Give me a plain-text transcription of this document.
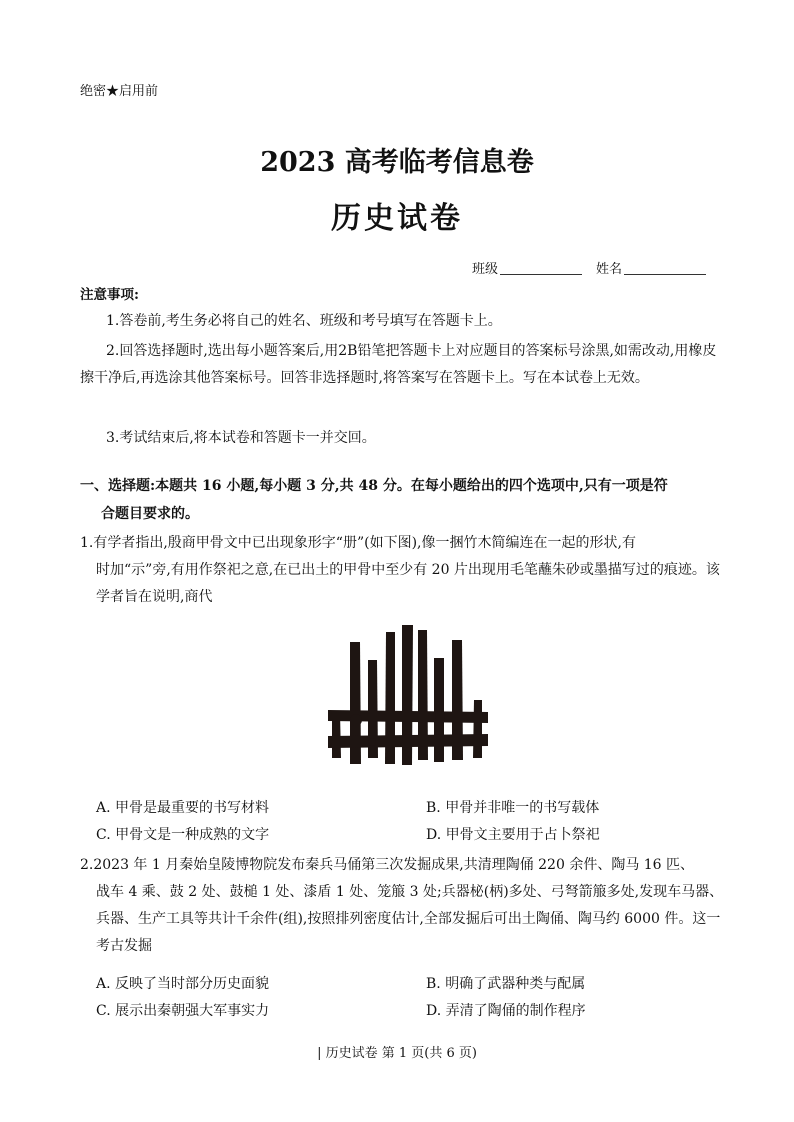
绝密★启用前
2023 高考临考信息卷
历史试卷
班级	姓名
注意事项:
1.答卷前,考生务必将自己的姓名、班级和考号填写在答题卡上。
2.回答选择题时,选出每小题答案后,用2B铅笔把答题卡上对应题目的答案标号涂黑,如需改动,用橡皮擦干净后,再选涂其他答案标号。回答非选择题时,将答案写在答题卡上。写在本试卷上无效。
3.考试结束后,将本试卷和答题卡一并交回。
一、选择题:本题共 16 小题,每小题 3 分,共 48 分。在每小题给出的四个选项中,只有一项是符
合题目要求的。
1.有学者指出,殷商甲骨文中已出现象形字“册”(如下图),像一捆竹木简编连在一起的形状,有
时加“示”旁,有用作祭祀之意,在已出土的甲骨中至少有 20 片出现用毛笔蘸朱砂或墨描写过的痕迹。该学者旨在说明,商代
A. 甲骨是最重要的书写材料	B. 甲骨并非唯一的书写载体
C. 甲骨文是一种成熟的文字	D. 甲骨文主要用于占卜祭祀
2.2023 年 1 月秦始皇陵博物院发布秦兵马俑第三次发掘成果,共清理陶俑 220 余件、陶马 16 匹、
战车 4 乘、鼓 2 处、鼓槌 1 处、漆盾 1 处、笼箙 3 处;兵器柲(柄)多处、弓弩箭箙多处,发现车马器、兵器、生产工具等共计千余件(组),按照排列密度估计,全部发掘后可出土陶俑、陶马约 6000 件。这一考古发掘
A. 反映了当时部分历史面貌	B. 明确了武器种类与配属
C. 展示出秦朝强大军事实力	D. 弄清了陶俑的制作程序
| 历史试卷 第 1 页(共 6 页)
